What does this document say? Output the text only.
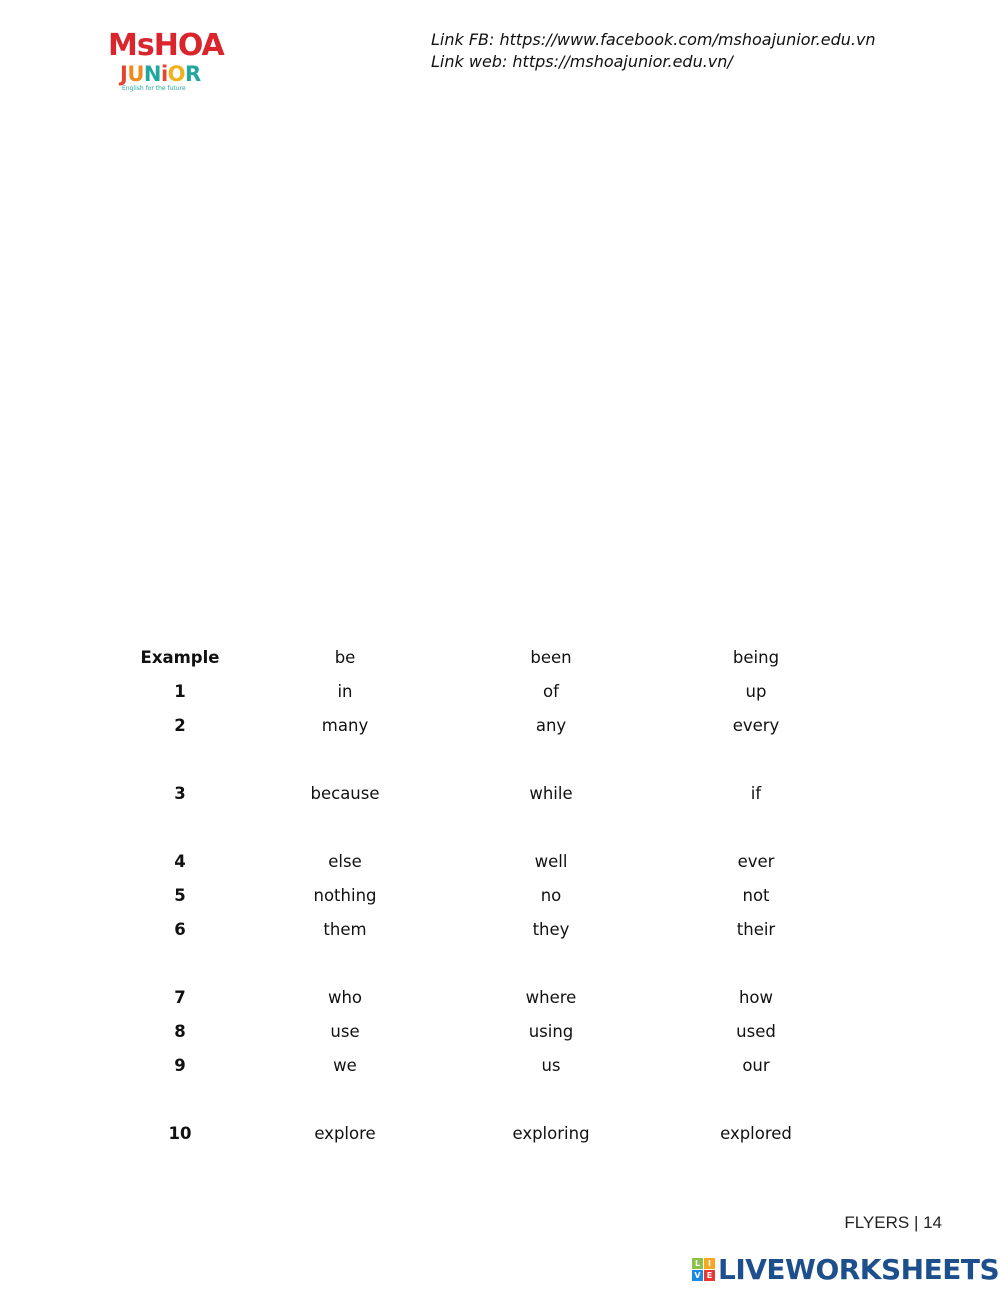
MsHOA
JUNiOR
English for the future
Link FB: https://www.facebook.com/mshoajunior.edu.vn
Link web: https://mshoajunior.edu.vn/
Example	be	been	being
1	in	of	up
2	many	any	every
3	because	while	if
4	else	well	ever
5	nothing	no	not
6	them	they	their
7	who	where	how
8	use	using	used
9	we	us	our
10	explore	exploring	explored
FLYERS | 14
L I
V E LIVEWORKSHEETS
